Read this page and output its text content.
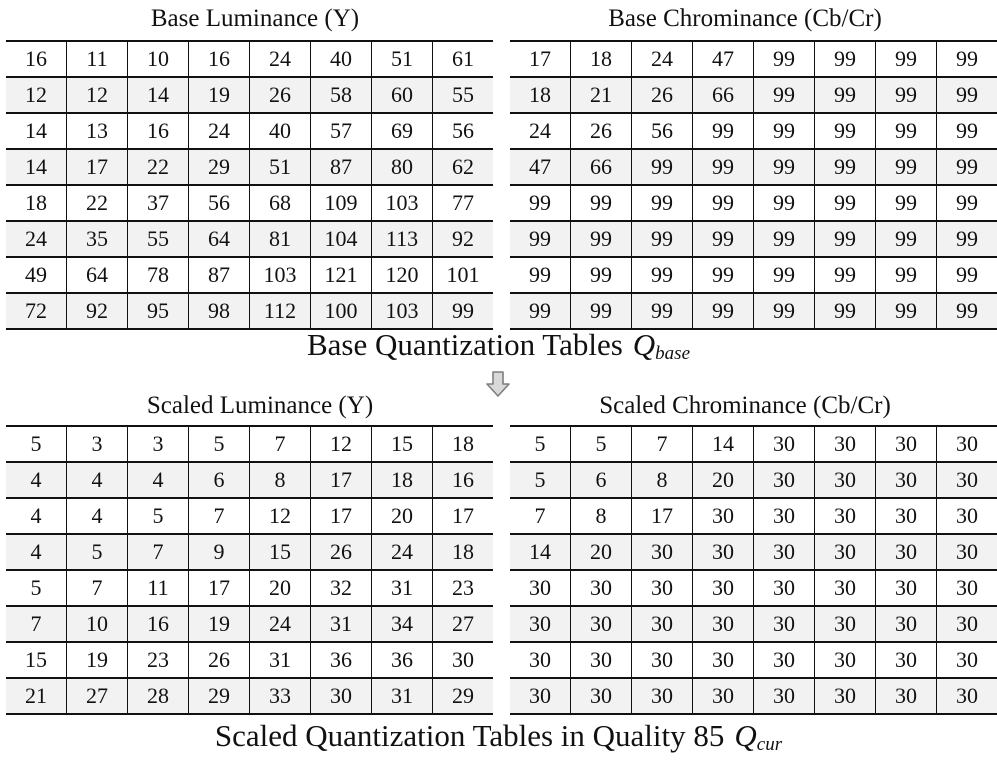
Base Luminance (Y)	Base Chrominance (Cb/Cr)
16	11	10	16	24	40	51	61
12	12	14	19	26	58	60	55
14	13	16	24	40	57	69	56
14	17	22	29	51	87	80	62
18	22	37	56	68	109	103	77
24	35	55	64	81	104	113	92
49	64	78	87	103	121	120	101
72	92	95	98	112	100	103	99
17	18	24	47	99	99	99	99
18	21	26	66	99	99	99	99
24	26	56	99	99	99	99	99
47	66	99	99	99	99	99	99
99	99	99	99	99	99	99	99
99	99	99	99	99	99	99	99
99	99	99	99	99	99	99	99
99	99	99	99	99	99	99	99
Base Quantization Tables $Q_{base}$
Scaled Luminance (Y)	Scaled Chrominance (Cb/Cr)
5	3	3	5	7	12	15	18
4	4	4	6	8	17	18	16
4	4	5	7	12	17	20	17
4	5	7	9	15	26	24	18
5	7	11	17	20	32	31	23
7	10	16	19	24	31	34	27
15	19	23	26	31	36	36	30
21	27	28	29	33	30	31	29
5	5	7	14	30	30	30	30
5	6	8	20	30	30	30	30
7	8	17	30	30	30	30	30
14	20	30	30	30	30	30	30
30	30	30	30	30	30	30	30
30	30	30	30	30	30	30	30
30	30	30	30	30	30	30	30
30	30	30	30	30	30	30	30
Scaled Quantization Tables in Quality 85 $Q_{cur}$
